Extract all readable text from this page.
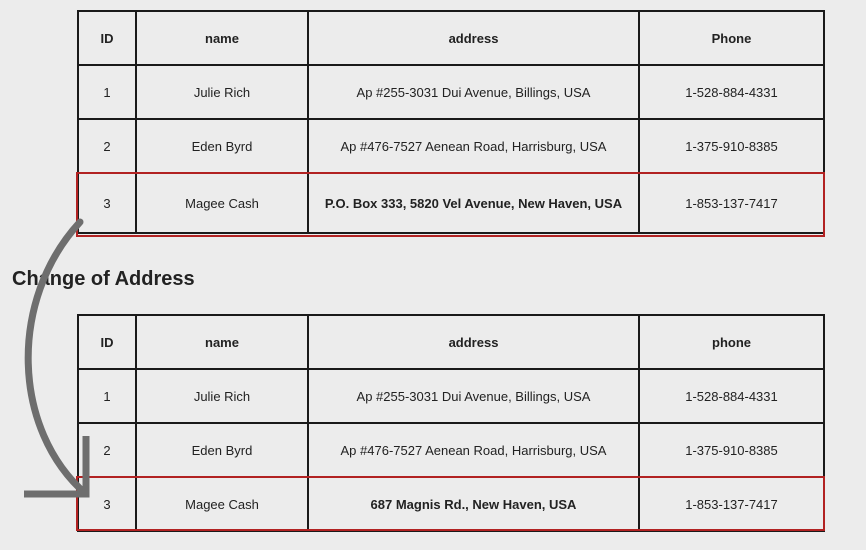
ID	name	address	Phone
1	Julie Rich	Ap #255-3031 Dui Avenue, Billings, USA	1-528-884-4331
2	Eden Byrd	Ap #476-7527 Aenean Road, Harrisburg, USA	1-375-910-8385
3	Magee Cash	P.O. Box 333, 5820 Vel Avenue, New Haven, USA	1-853-137-7417
Change of Address
ID	name	address	phone
1	Julie Rich	Ap #255-3031 Dui Avenue, Billings, USA	1-528-884-4331
2	Eden Byrd	Ap #476-7527 Aenean Road, Harrisburg, USA	1-375-910-8385
3	Magee Cash	687 Magnis Rd., New Haven, USA	1-853-137-7417
